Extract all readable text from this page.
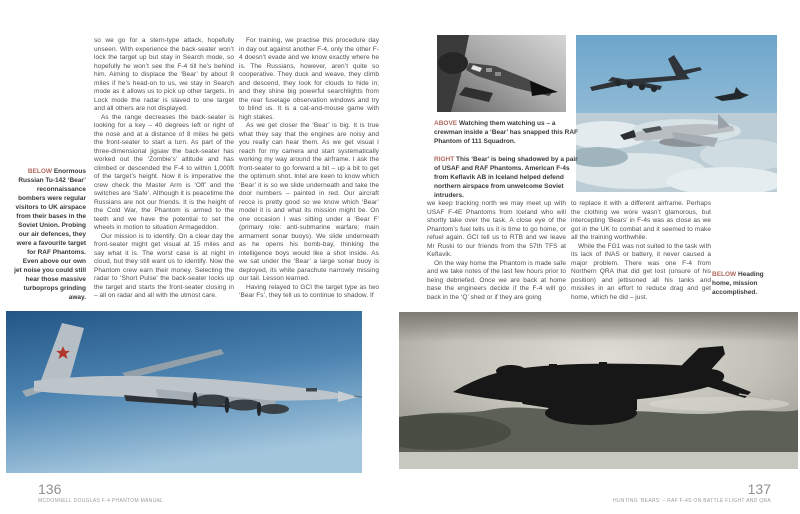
BELOW Enormous Russian Tu-142 ‘Bear’ reconnaissance bombers were regular visitors to UK airspace from their bases in the Soviet Union. Probing our air defences, they were a favourite target for RAF Phantoms. Even above our own jet noise you could still hear those massive turboprops grinding away.

so we go for a stern-type attack, hopefully unseen. With experience the back-seater won’t lock the target up but stay in Search mode, so hopefully he won’t see the F-4 till he’s behind him. Aiming to displace the ‘Bear’ by about 8 miles if he’s head-on to us, we stay in Search mode as it allows us to pick up other targets. In Lock mode the radar is slaved to one target and all others are not displayed.

As the range decreases the back-seater is looking for a key – 40 degrees left or right of the nose and at a distance of 8 miles he gets the front-seater to start a turn. As part of the three-dimensional jigsaw the back-seater has worked out the ‘Zombie’s’ altitude and has climbed or descended the F-4 to within 1,000ft of the target’s height. Now it is imperative the crew check the Master Arm is ‘Off’ and the switches are ‘Safe’. Although it is peacetime the Russians are not our friends. It is the height of the Cold War, the Phantom is armed to the teeth and we have the potential to set the wheels in motion to situation Armageddon.

Our mission is to identify. On a clear day the front-seater might get visual at 15 miles and say what it is. The worst case is at night in cloud, but they still want us to identify. Now the Phantom crew earn their money. Selecting the radar to ‘Short Pulse’ the back-seater locks up the target and starts the front-seater closing in – all on radar and all with the utmost care.

For training, we practise this procedure day in day out against another F-4, only the other F-4 doesn’t evade and we know exactly where he is. The Russians, however, aren’t quite so cooperative. They duck and weave, they climb and descend, they look for clouds to hide in; and they shine big powerful searchlights from the rear fuselage observation windows and try to blind us. It is a cat-and-mouse game with high stakes.

As we get closer the ‘Bear’ is big. It is true what they say that the engines are noisy and you really can hear them. As we get visual I reach for my camera and start systematically working my way around the airframe. I ask the front-seater to go forward a bit – up a bit to get the optimum shot. Intel are keen to know which ‘Bear’ it is so we slide underneath and take the door numbers – painted in red. Our aircraft recce is pretty good so we know which ‘Bear’ model it is and what its mission might be. On one occasion I was sitting under a ‘Bear F’ (primary role: anti-submarine warfare; main armament sonar buoys). We slide underneath as he opens his bomb-bay, thinking the intelligence boys would like a shot inside. As we sat under the ‘Bear’ a large sonar buoy is deployed, its white parachute narrowly missing our tail. Lesson learned.

Having relayed to GCI the target type as two ‘Bear Fs’, they tell us to continue to shadow. If

136
MCDONNELL DOUGLAS F-4 PHANTOM MANUAL
ABOVE Watching them watching us – a crewman inside a ‘Bear’ has snapped this RAF Phantom of 111 Squadron.
RIGHT This ‘Bear’ is being shadowed by a pair of USAF and RAF Phantoms. American F-4s from Keflavik AB in Iceland helped defend northern airspace from unwelcome Soviet intruders.

we keep tracking north we may meet up with USAF F-4E Phantoms from Iceland who will shortly take over the task. A close eye of the Phantom’s fuel tells us it is time to go home, or refuel again. GCI tell us to RTB and we leave Mr Ruski to our friends from the 57th TFS at Keflavik.

On the way home the Phantom is made safe and we take notes of the last few hours prior to being debriefed. Once we are back at home base the engineers decide if the F-4 will go back in the ‘Q’ shed or if they are going

to replace it with a different airframe. Perhaps the clothing we wore wasn’t glamorous, but intercepting ‘Bears’ in F-4s was as close as we got in the UK to combat and it seemed to make all the training worthwhile.

While the FG1 was not suited to the task with its lack of INAS or battery, it never caused a major problem. There was one F-4 from Northern QRA that did get lost (unsure of his position) and jettisoned all his tanks and missiles in an effort to reduce drag and get home, which he did – just.

BELOW Heading home, mission accomplished.
137
HUNTING ‘BEARS’ – RAF F-4S ON BATTLE FLIGHT AND QRA
